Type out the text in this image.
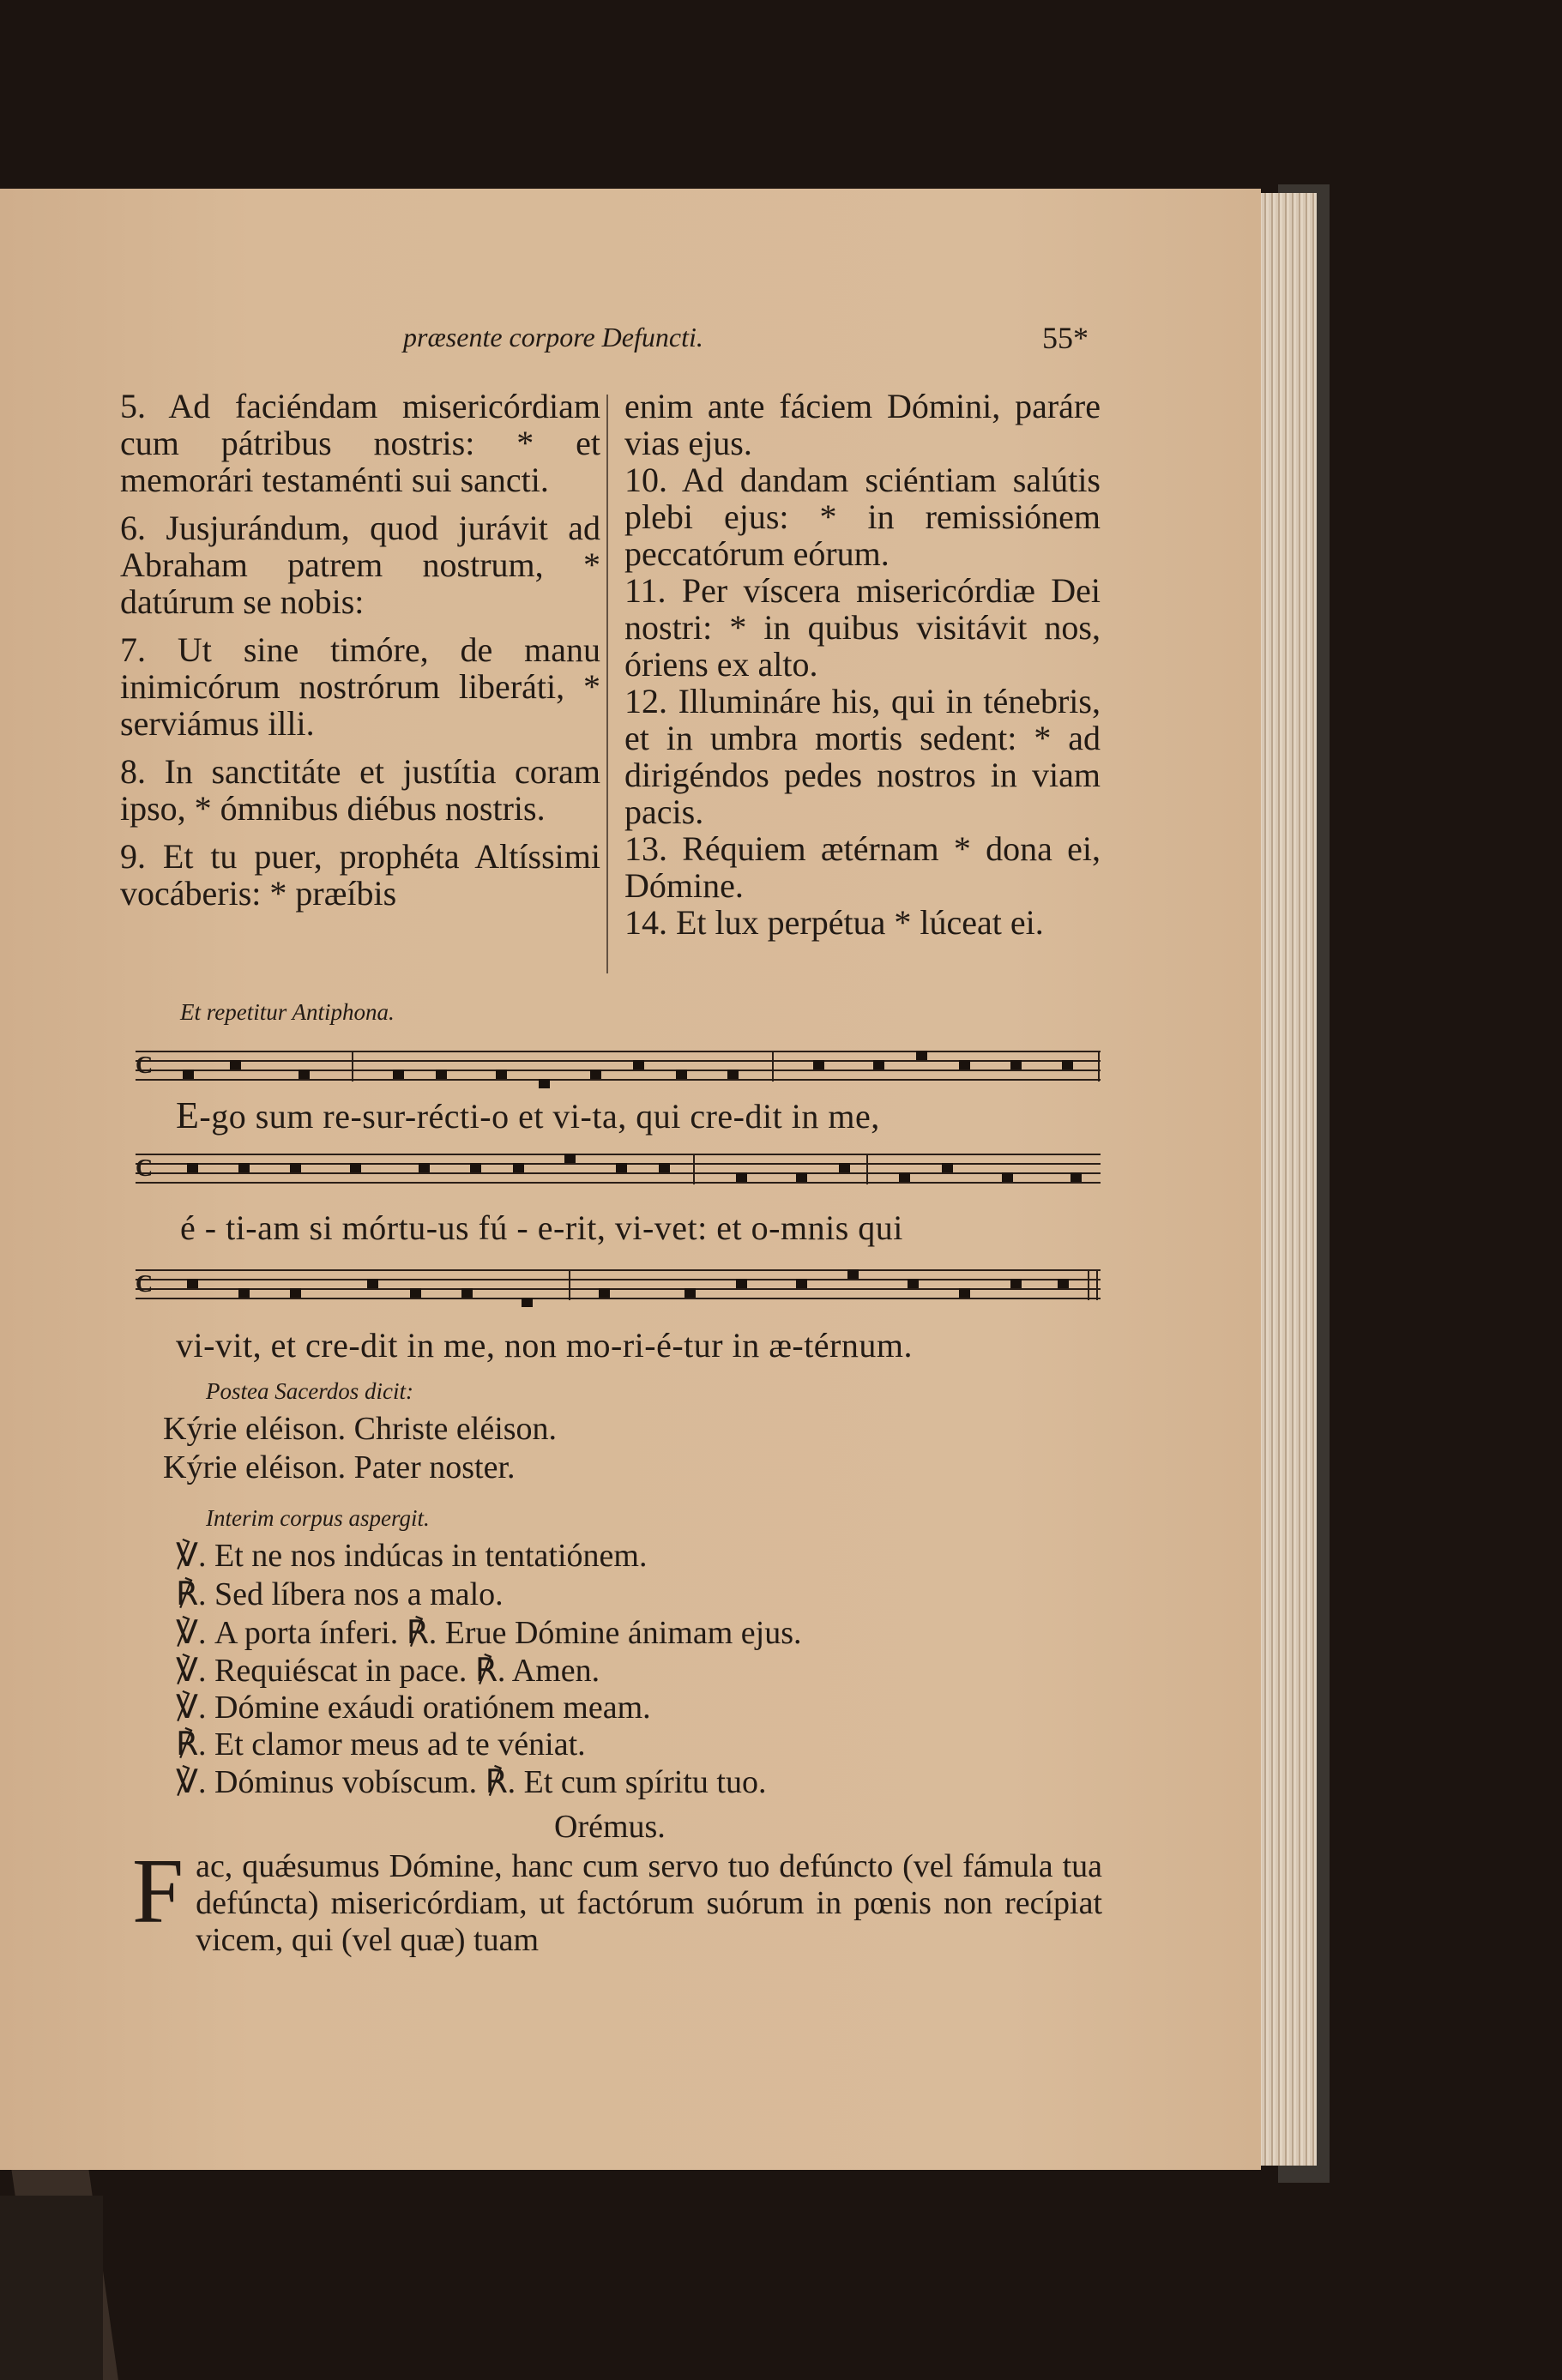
præsente corpore Defuncti.	55*

5. Ad faciéndam misericórdiam cum pátribus nostris: * et memorári testaménti sui sancti.

6. Jusjurándum, quod jurávit ad Abraham patrem nostrum, * datúrum se nobis:

7. Ut sine timóre, de manu inimicórum nostrórum liberáti, * serviámus illi.

8. In sanctitáte et justítia coram ipso, * ómnibus diébus nostris.

9. Et tu puer, prophéta Altíssimi vocáberis: * præíbis

enim ante fáciem Dómini, paráre vias ejus.

10. Ad dandam sciéntiam salútis plebi ejus: * in remissiónem peccatórum eórum.

11. Per víscera misericórdiæ Dei nostri: * in quibus visitávit nos, óriens ex alto.

12. Illumináre his, qui in ténebris, et in umbra mortis sedent: * ad dirigéndos pedes nostros in viam pacis.

13. Réquiem ætérnam * dona ei, Dómine.

14. Et lux perpétua * lúceat ei.

Et repetitur Antiphona.
C
E-go sum re-sur-récti-o et vi-ta, qui cre-dit in me,
C
é - ti-am si mórtu-us fú - e-rit, vi-vet: et o-mnis qui
C
vi-vit, et cre-dit in me, non mo-ri-é-tur in æ-térnum.
Postea Sacerdos dicit:
Kýrie eléison. Christe eléison.
Kýrie eléison. Pater noster.
Interim corpus aspergit.
℣. Et ne nos indúcas in tentatiónem.
℟. Sed líbera nos a malo.
℣. A porta ínferi. ℟. Erue Dómine ánimam ejus.
℣. Requiéscat in pace. ℟. Amen.
℣. Dómine exáudi oratiónem meam.
℟. Et clamor meus ad te véniat.
℣. Dóminus vobíscum. ℟. Et cum spíritu tuo.
Orémus.
F ac, quǽsumus Dómine, hanc cum servo tuo defúncto (vel fámula tua defúncta) misericórdiam, ut factórum suórum in pœnis non recípiat vicem, qui (vel quæ) tuam
